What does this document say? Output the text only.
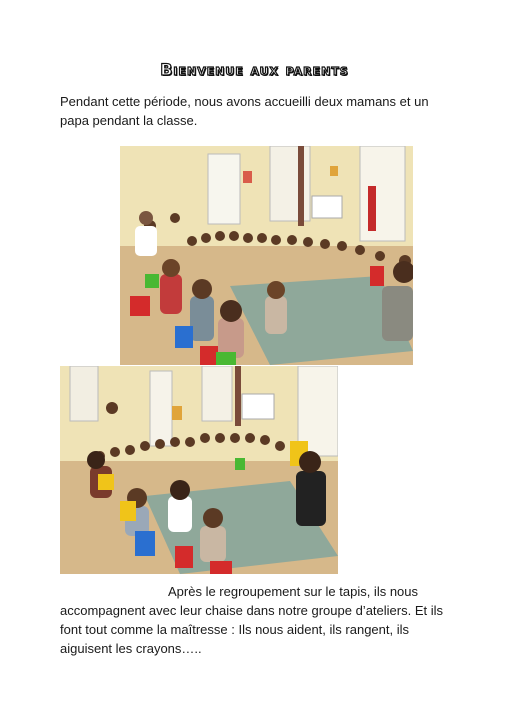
Bienvenue aux parents

Pendant cette période, nous avons accueilli deux mamans et un papa pendant la classe.

Après le regroupement sur le tapis, ils nous accompagnent avec leur chaise dans notre groupe d’ateliers. Et ils font tout comme la maîtresse : Ils nous aident, ils rangent, ils aiguisent les crayons…..
